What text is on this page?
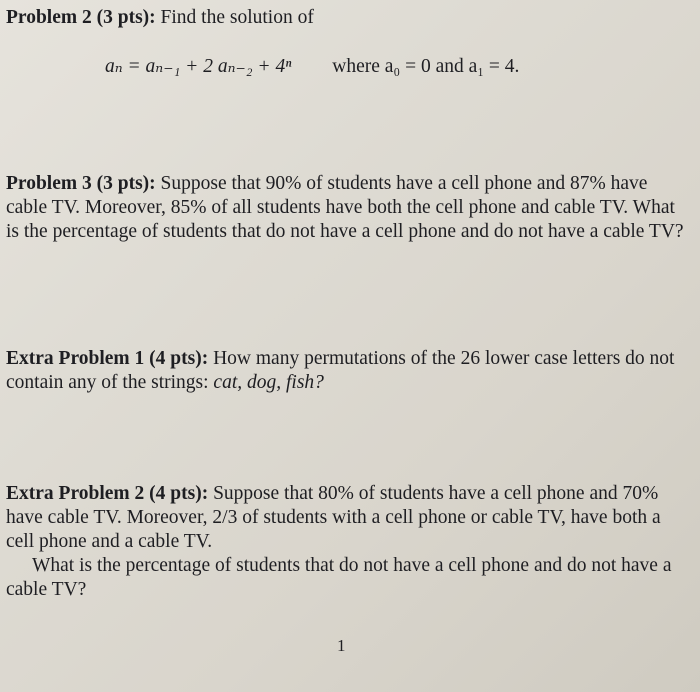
Problem 2 (3 pts): Find the solution of
aₙ = aₙ₋₁ + 2 aₙ₋₂ + 4ⁿ where a₀ = 0 and a₁ = 4.
Problem 3 (3 pts): Suppose that 90% of students have a cell phone and 87% have cable TV. Moreover, 85% of all students have both the cell phone and cable TV. What is the percentage of students that do not have a cell phone and do not have a cable TV?
Extra Problem 1 (4 pts): How many permutations of the 26 lower case letters do not contain any of the strings: cat, dog, fish?
Extra Problem 2 (4 pts): Suppose that 80% of students have a cell phone and 70% have cable TV. Moreover, 2/3 of students with a cell phone or cable TV, have both a cell phone and a cable TV.
What is the percentage of students that do not have a cell phone and do not have a cable TV?
1
